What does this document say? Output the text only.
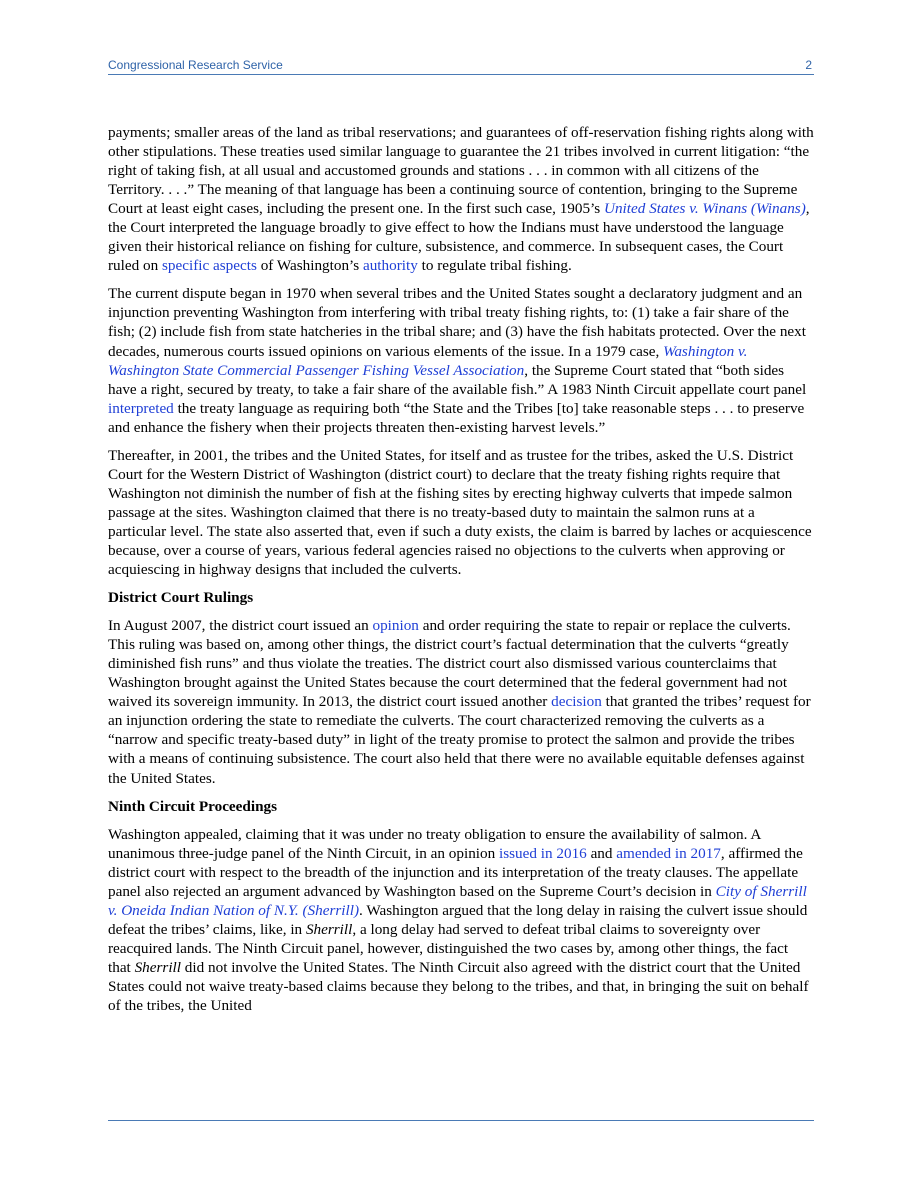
Congressional Research Service	2

payments; smaller areas of the land as tribal reservations; and guarantees of off-reservation fishing rights along with other stipulations. These treaties used similar language to guarantee the 21 tribes involved in current litigation: “the right of taking fish, at all usual and accustomed grounds and stations . . . in common with all citizens of the Territory. . . .” The meaning of that language has been a continuing source of contention, bringing to the Supreme Court at least eight cases, including the present one. In the first such case, 1905’s United States v. Winans (Winans), the Court interpreted the language broadly to give effect to how the Indians must have understood the language given their historical reliance on fishing for culture, subsistence, and commerce. In subsequent cases, the Court ruled on specific aspects of Washington’s authority to regulate tribal fishing.

The current dispute began in 1970 when several tribes and the United States sought a declaratory judgment and an injunction preventing Washington from interfering with tribal treaty fishing rights, to: (1) take a fair share of the fish; (2) include fish from state hatcheries in the tribal share; and (3) have the fish habitats protected. Over the next decades, numerous courts issued opinions on various elements of the issue. In a 1979 case, Washington v. Washington State Commercial Passenger Fishing Vessel Association, the Supreme Court stated that “both sides have a right, secured by treaty, to take a fair share of the available fish.” A 1983 Ninth Circuit appellate court panel interpreted the treaty language as requiring both “the State and the Tribes [to] take reasonable steps . . . to preserve and enhance the fishery when their projects threaten then-existing harvest levels.”

Thereafter, in 2001, the tribes and the United States, for itself and as trustee for the tribes, asked the U.S. District Court for the Western District of Washington (district court) to declare that the treaty fishing rights require that Washington not diminish the number of fish at the fishing sites by erecting highway culverts that impede salmon passage at the sites. Washington claimed that there is no treaty-based duty to maintain the salmon runs at a particular level. The state also asserted that, even if such a duty exists, the claim is barred by laches or acquiescence because, over a course of years, various federal agencies raised no objections to the culverts when approving or acquiescing in highway designs that included the culverts.

District Court Rulings

In August 2007, the district court issued an opinion and order requiring the state to repair or replace the culverts. This ruling was based on, among other things, the district court’s factual determination that the culverts “greatly diminished fish runs” and thus violate the treaties. The district court also dismissed various counterclaims that Washington brought against the United States because the court determined that the federal government had not waived its sovereign immunity. In 2013, the district court issued another decision that granted the tribes’ request for an injunction ordering the state to remediate the culverts. The court characterized removing the culverts as a “narrow and specific treaty-based duty” in light of the treaty promise to protect the salmon and provide the tribes with a means of continuing subsistence. The court also held that there were no available equitable defenses against the United States.

Ninth Circuit Proceedings

Washington appealed, claiming that it was under no treaty obligation to ensure the availability of salmon. A unanimous three-judge panel of the Ninth Circuit, in an opinion issued in 2016 and amended in 2017, affirmed the district court with respect to the breadth of the injunction and its interpretation of the treaty clauses. The appellate panel also rejected an argument advanced by Washington based on the Supreme Court’s decision in City of Sherrill v. Oneida Indian Nation of N.Y. (Sherrill). Washington argued that the long delay in raising the culvert issue should defeat the tribes’ claims, like, in Sherrill, a long delay had served to defeat tribal claims to sovereignty over reacquired lands. The Ninth Circuit panel, however, distinguished the two cases by, among other things, the fact that Sherrill did not involve the United States. The Ninth Circuit also agreed with the district court that the United States could not waive treaty-based claims because they belong to the tribes, and that, in bringing the suit on behalf of the tribes, the United
